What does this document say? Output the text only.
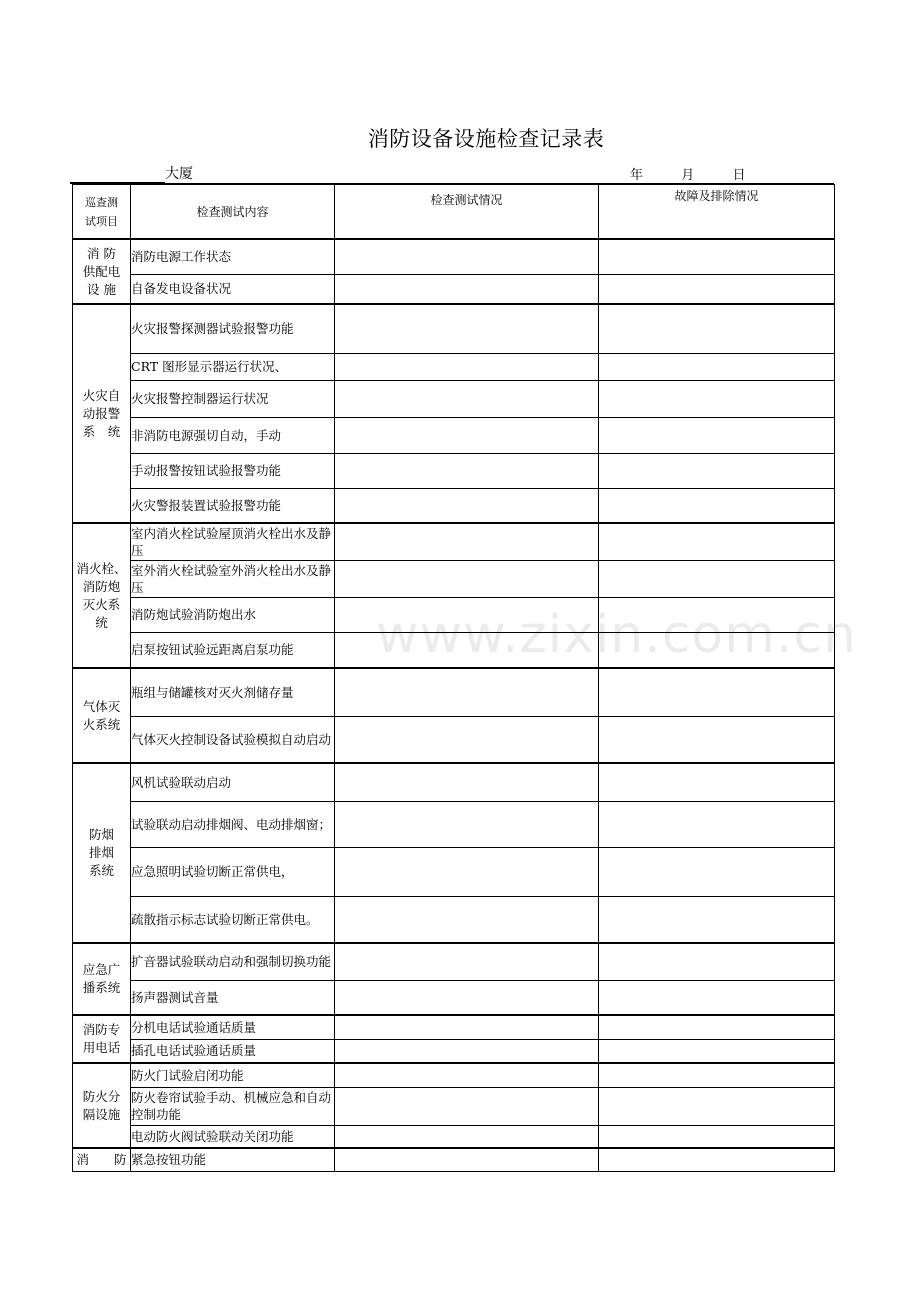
消防设备设施检查记录表
大厦	年	月	日
巡查测试项目	检查测试内容	检查测试情况	故障及排除情况
消 防
供配电
设 施	消防电源工作状态		
	自备发电设备状况		
火灾自
动报警
系　统	火灾报警探测器试验报警功能		
	CRT 图形显示器运行状况、		
	火灾报警控制器运行状况		
	非消防电源强切自动，手动		
	手动报警按钮试验报警功能		
	火灾警报装置试验报警功能		
消火栓、
消防炮
灭火系
统	室内消火栓试验屋顶消火栓出水及静压		
	室外消火栓试验室外消火栓出水及静压		
	消防炮试验消防炮出水		
	启泵按钮试验远距离启泵功能		
气体灭
火系统	瓶组与储罐核对灭火剂储存量		
	气体灭火控制设备试验模拟自动启动		
防烟
排烟
系统	风机试验联动启动		
	试验联动启动排烟阀、电动排烟窗；		
	应急照明试验切断正常供电，		
	疏散指示标志试验切断正常供电。		
应急广
播系统	扩音器试验联动启动和强制切换功能		
	扬声器测试音量		
消防专
用电话	分机电话试验通话质量		
	插孔电话试验通话质量		
防火分
隔设施	防火门试验启闭功能		
	防火卷帘试验手动、机械应急和自动控制功能		
	电动防火阀试验联动关闭功能		
消　　防	紧急按钮功能		
www.zixin.com.cn
